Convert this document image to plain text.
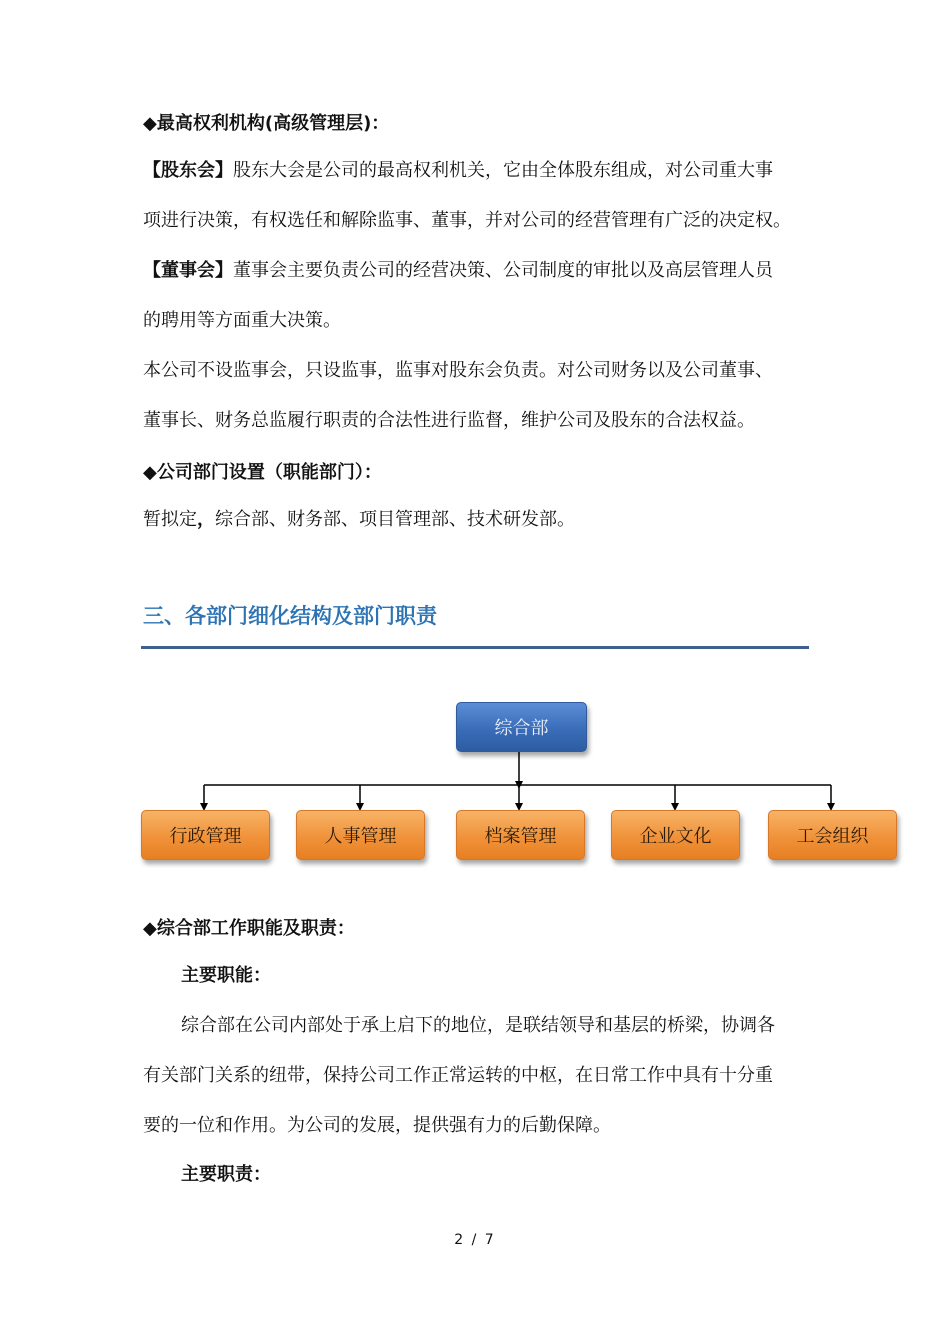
◆最高权利机构(高级管理层)：
【股东会】股东大会是公司的最高权利机关，它由全体股东组成，对公司重大事
项进行决策，有权选任和解除监事、董事，并对公司的经营管理有广泛的决定权。
【董事会】董事会主要负责公司的经营决策、公司制度的审批以及高层管理人员
的聘用等方面重大决策。
本公司不设监事会，只设监事，监事对股东会负责。对公司财务以及公司董事、
董事长、财务总监履行职责的合法性进行监督，维护公司及股东的合法权益。
◆公司部门设置（职能部门）：
暂拟定，综合部、财务部、项目管理部、技术研发部。
三、各部门细化结构及部门职责
综合部
行政管理	人事管理	档案管理	企业文化	工会组织
◆综合部工作职能及职责：
主要职能：
综合部在公司内部处于承上启下的地位，是联结领导和基层的桥梁，协调各
有关部门关系的纽带，保持公司工作正常运转的中枢，在日常工作中具有十分重
要的一位和作用。为公司的发展，提供强有力的后勤保障。
主要职责：
2 / 7
